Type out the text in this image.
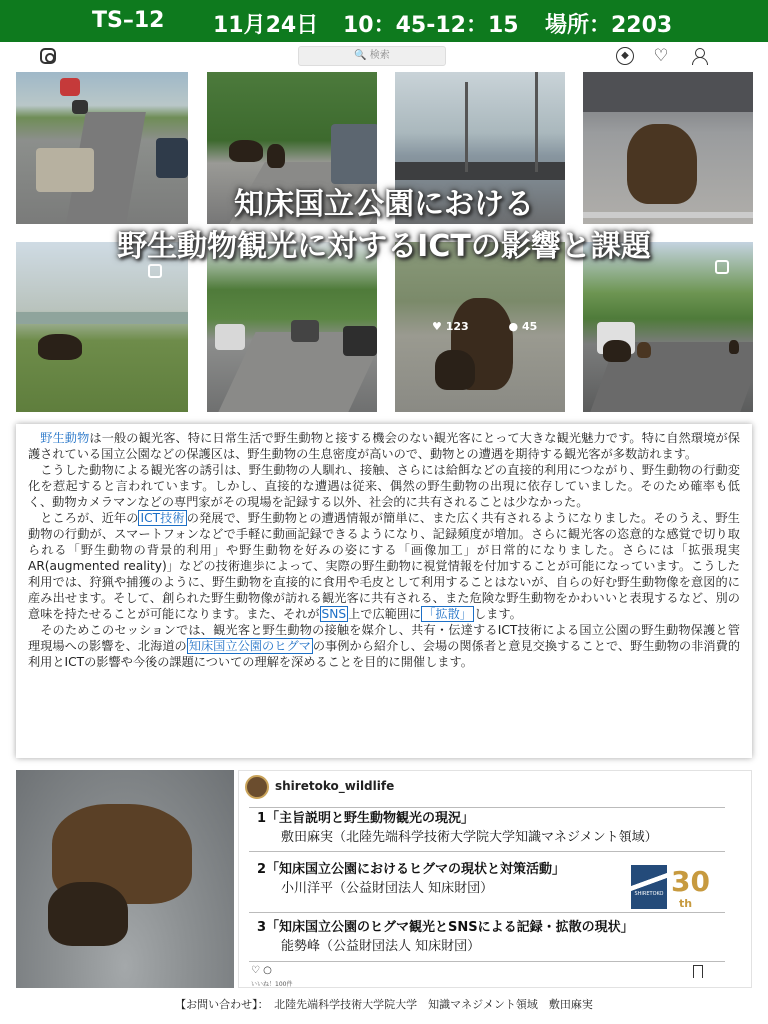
TS–12 11月24日 10：45-12：15 場所：2203
🔍 検索	◆	♡
♥ 123	● 45
知床国立公園における
野生動物観光に対するICTの影響と課題

野生動物は一般の観光客、特に日常生活で野生動物と接する機会のない観光客にとって大きな観光魅力です。特に自然環境が保護されている国立公園などの保護区は、野生動物の生息密度が高いので、動物との遭遇を期待する観光客が多数訪れます。

こうした動物による観光客の誘引は、野生動物の人馴れ、接触、さらには給餌などの直接的利用につながり、野生動物の行動変化を惹起すると言われています。しかし、直接的な遭遇は従来、偶然の野生動物の出現に依存していました。そのため確率も低く、動物カメラマンなどの専門家がその現場を記録する以外、社会的に共有されることは少なかった。

ところが、近年の ICT技術 の発展で、野生動物との遭遇情報が簡単に、また広く共有されるようになりました。そのうえ、野生動物の行動が、スマートフォンなどで手軽に動画記録できるようになり、記録頻度が増加。さらに観光客の恣意的な感覚で切り取られる「野生動物の背景的利用」や野生動物を好みの姿にする「画像加工」が日常的になりました。さらには「拡張現実AR(augmented reality)」などの技術進歩によって、実際の野生動物に視覚情報を付加することが可能になっています。こうした利用では、狩猟や捕獲のように、野生動物を直接的に食用や毛皮として利用することはないが、自らの好む野生動物像を意図的に産み出せます。そして、創られた野生動物像が訪れる観光客に共有される、また危険な野生動物をかわいいと表現するなど、別の意味を持たせることが可能になります。また、それが SNS 上で広範囲に 「拡散」 します。

そのためこのセッションでは、観光客と野生動物の接触を媒介し、共有・伝達するICT技術による国立公園の野生動物保護と管理現場への影響を、北海道の 知床国立公園のヒグマ の事例から紹介し、会場の関係者と意見交換することで、野生動物の非消費的利用とICTの影響や今後の課題についての理解を深めることを目的に開催します。

shiretoko_wildlife
1「主旨説明と野生動物観光の現況」
敷田麻実（北陸先端科学技術大学院大学知識マネジメント領域）
2「知床国立公園におけるヒグマの現状と対策活動」
小川洋平（公益財団法人 知床財団）	SHIRETOKO 30
th
3「知床国立公園のヒグマ観光とSNSによる記録・拡散の現状」
能勢峰（公益財団法人 知床財団）
♡ ○
いいね！100件
【お問い合わせ】：　北陸先端科学技術大学院大学　知識マネジメント領域　敷田麻実
